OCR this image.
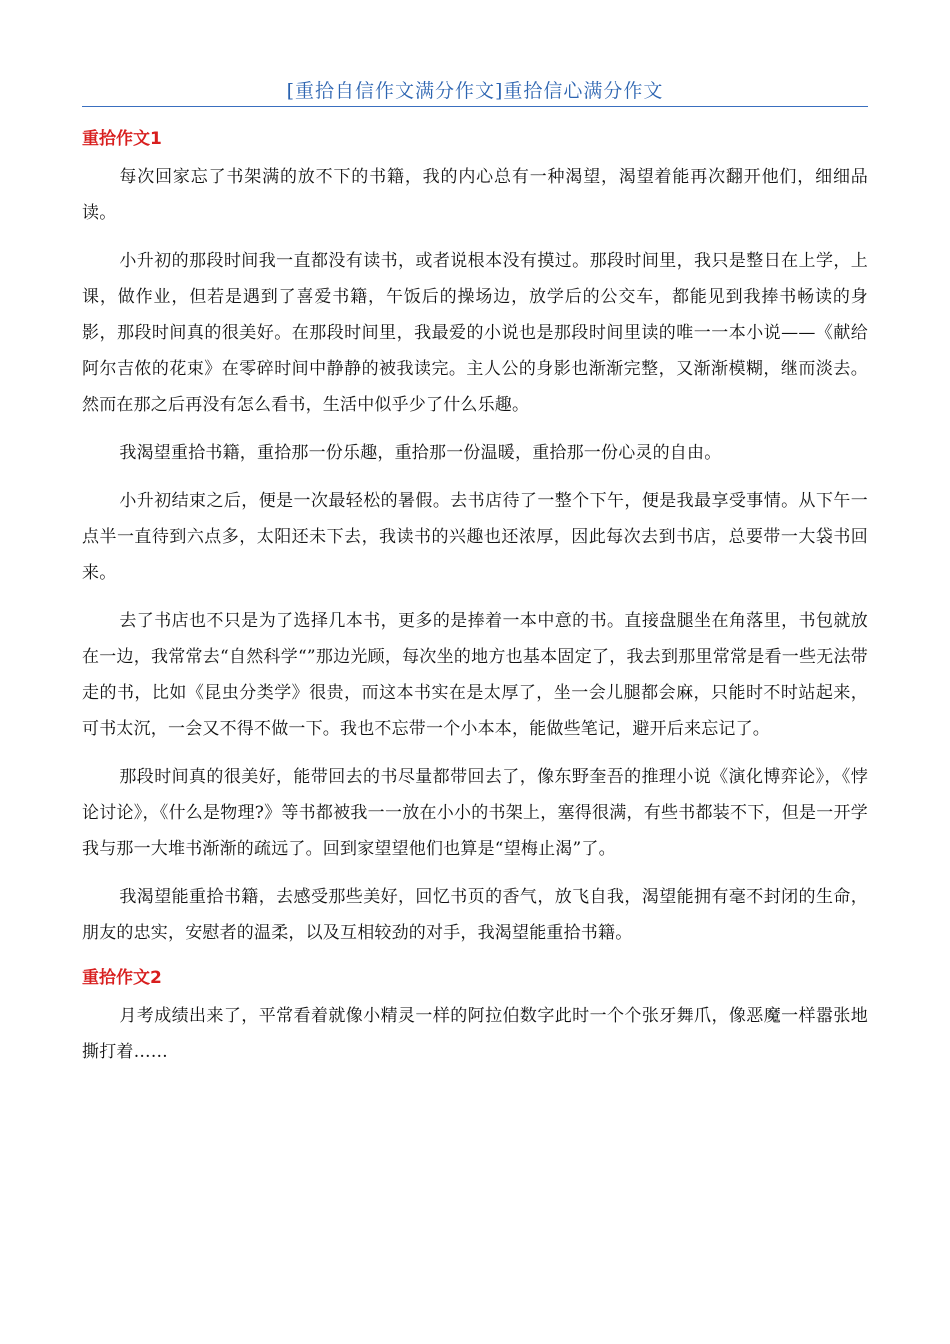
[重拾自信作文满分作文]重拾信心满分作文
重拾作文1

每次回家忘了书架满的放不下的书籍，我的内心总有一种渴望，渴望着能再次翻开他们，细细品读。

小升初的那段时间我一直都没有读书，或者说根本没有摸过。那段时间里，我只是整日在上学，上课，做作业，但若是遇到了喜爱书籍，午饭后的操场边，放学后的公交车，都能见到我捧书畅读的身影，那段时间真的很美好。在那段时间里，我最爱的小说也是那段时间里读的唯一一本小说——《献给阿尔吉侬的花束》在零碎时间中静静的被我读完。主人公的身影也渐渐完整，又渐渐模糊，继而淡去。然而在那之后再没有怎么看书，生活中似乎少了什么乐趣。

我渴望重拾书籍，重拾那一份乐趣，重拾那一份温暖，重拾那一份心灵的自由。

小升初结束之后，便是一次最轻松的暑假。去书店待了一整个下午，便是我最享受事情。从下午一点半一直待到六点多，太阳还未下去，我读书的兴趣也还浓厚，因此每次去到书店，总要带一大袋书回来。

去了书店也不只是为了选择几本书，更多的是捧着一本中意的书。直接盘腿坐在角落里，书包就放在一边，我常常去“自然科学“”那边光顾，每次坐的地方也基本固定了，我去到那里常常是看一些无法带走的书，比如《昆虫分类学》很贵，而这本书实在是太厚了，坐一会儿腿都会麻，只能时不时站起来，可书太沉，一会又不得不做一下。我也不忘带一个小本本，能做些笔记，避开后来忘记了。

那段时间真的很美好，能带回去的书尽量都带回去了，像东野奎吾的推理小说《演化博弈论》，《悖论讨论》，《什么是物理?》等书都被我一一放在小小的书架上，塞得很满，有些书都装不下，但是一开学我与那一大堆书渐渐的疏远了。回到家望望他们也算是“望梅止渴”了。

我渴望能重拾书籍，去感受那些美好，回忆书页的香气，放飞自我，渴望能拥有毫不封闭的生命，朋友的忠实，安慰者的温柔，以及互相较劲的对手，我渴望能重拾书籍。

重拾作文2

月考成绩出来了，平常看着就像小精灵一样的阿拉伯数字此时一个个张牙舞爪，像恶魔一样嚣张地撕打着……
